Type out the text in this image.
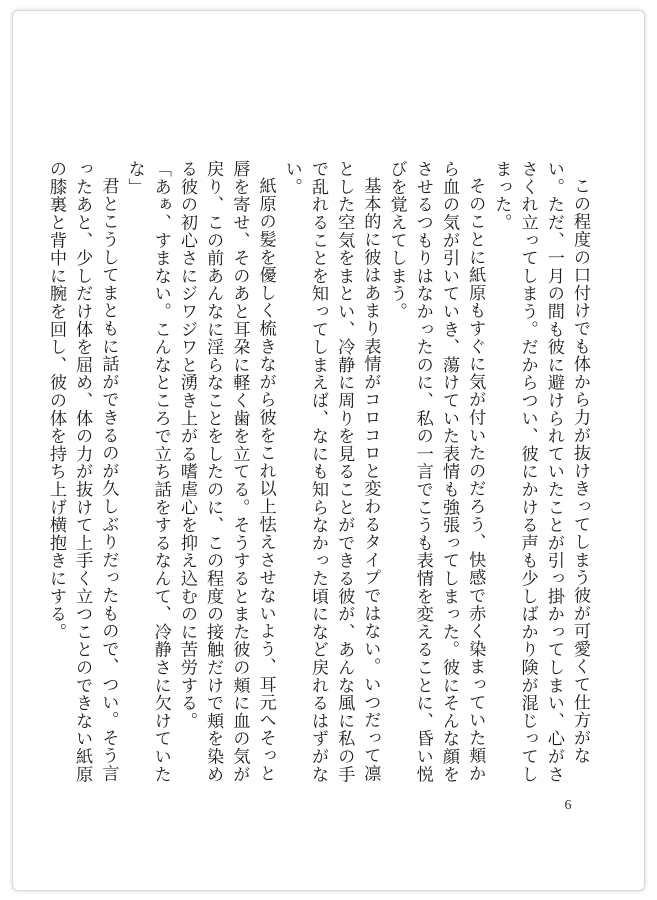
この程度の口付けでも体から力が抜けきってしまう彼が可愛くて仕方がない。ただ、一月の間も彼に避けられていたことが引っ掛かってしまい、心がささくれ立ってしまう。だからつい、彼にかける声も少しばかり険が混じってしまった。

そのことに紙原もすぐに気が付いたのだろう、快感で赤く染まっていた頬から血の気が引いていき、蕩けていた表情も強張ってしまった。彼にそんな顔をさせるつもりはなかったのに、私の一言でこうも表情を変えることに、昏い悦びを覚えてしまう。

基本的に彼はあまり表情がコロコロと変わるタイプではない。いつだって凛とした空気をまとい、冷静に周りを見ることができる彼が、あんな風に私の手で乱れることを知ってしまえば、なにも知らなかった頃になど戻れるはずがない。

紙原の髪を優しく梳きながら彼をこれ以上怯えさせないよう、耳元へそっと唇を寄せ、そのあと耳朶に軽く歯を立てる。そうするとまた彼の頬に血の気が戻り、この前あんなに淫らなことをしたのに、この程度の接触だけで頬を染める彼の初心さにジワジワと湧き上がる嗜虐心を抑え込むのに苦労する。

「あぁ、すまない。こんなところで立ち話をするなんて、冷静さに欠けていたな」

君とこうしてまともに話ができるのが久しぶりだったもので、つい。そう言ったあと、少しだけ体を屈め、体の力が抜けて上手く立つことのできない紙原の膝裏と背中に腕を回し、彼の体を持ち上げ横抱きにする。

6
